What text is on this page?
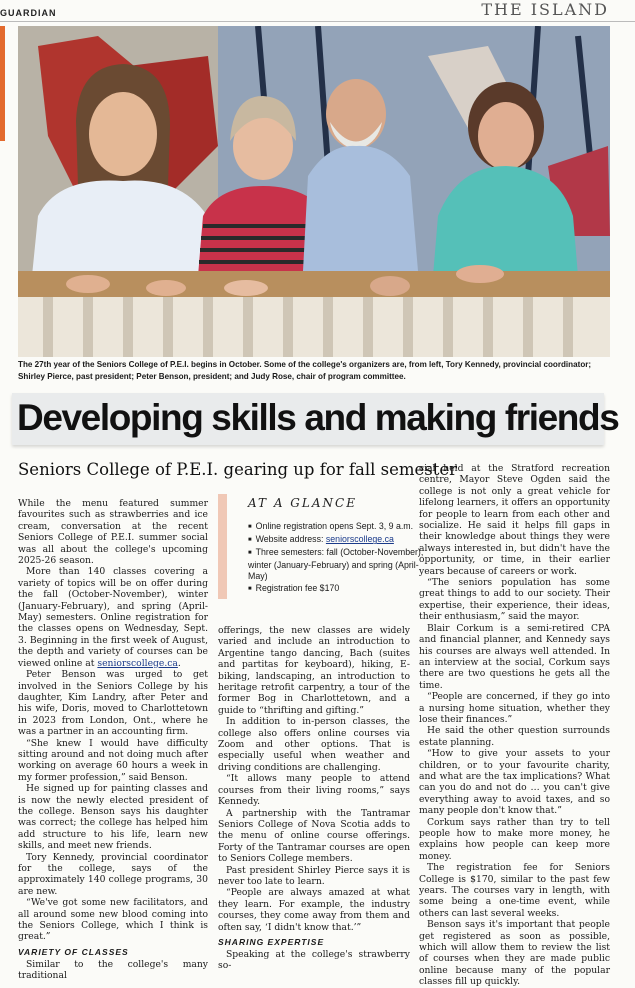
GUARDIAN	THE ISLAND

The 27th year of the Seniors College of P.E.I. begins in October. Some of the college's organizers are, from left, Tory Kennedy, provincial coordinator; Shirley Pierce, past president; Peter Benson, president; and Judy Rose, chair of program committee.

Developing skills and making friends
Seniors College of P.E.I. gearing up for fall semester

While the menu featured summer favourites such as strawberries and ice cream, conversation at the recent Seniors College of P.E.I. summer social was all about the college's upcoming 2025-26 season.

More than 140 classes covering a variety of topics will be on offer during the fall (October-November), winter (January-February), and spring (April-May) semesters. Online registration for the classes opens on Wednesday, Sept. 3. Beginning in the first week of August, the depth and variety of courses can be viewed online at seniorscollege.ca.

Peter Benson was urged to get involved in the Seniors College by his daughter, Kim Landry, after Peter and his wife, Doris, moved to Charlottetown in 2023 from London, Ont., where he was a partner in an accounting firm.

“She knew I would have difficulty sitting around and not doing much after working on average 60 hours a week in my former profession,” said Benson.

He signed up for painting classes and is now the newly elected president of the college. Benson says his daughter was correct; the college has helped him add structure to his life, learn new skills, and meet new friends.

Tory Kennedy, provincial coordinator for the college, says of the approximately 140 college programs, 30 are new.

“We've got some new facilitators, and all around some new blood coming into the Seniors College, which I think is great.”

VARIETY OF CLASSES

Similar to the college's many traditional

AT A GLANCE
■ Online registration opens Sept. 3, 9 a.m.
■ Website address: seniorscollege.ca
■ Three semesters: fall (October-November), winter (January-February) and spring (April-May)
■ Registration fee $170

offerings, the new classes are widely varied and include an introduction to Argentine tango dancing, Bach (suites and partitas for keyboard), hiking, E-biking, landscaping, an introduction to heritage retrofit carpentry, a tour of the former Bog in Charlottetown, and a guide to “thrifting and gifting.”

In addition to in-person classes, the college also offers online courses via Zoom and other options. That is especially useful when weather and driving conditions are challenging.

“It allows many people to attend courses from their living rooms,” says Kennedy.

A partnership with the Tantramar Seniors College of Nova Scotia adds to the menu of online course offerings. Forty of the Tantramar courses are open to Seniors College members.

Past president Shirley Pierce says it is never too late to learn.

“People are always amazed at what they learn. For example, the industry courses, they come away from them and often say, ‘I didn't know that.’”

SHARING EXPERTISE

Speaking at the college's strawberry so-

cial held at the Stratford recreation centre, Mayor Steve Ogden said the college is not only a great vehicle for lifelong learners, it offers an opportunity for people to learn from each other and socialize. He said it helps fill gaps in their knowledge about things they were always interested in, but didn't have the opportunity, or time, in their earlier years because of careers or work.

“The seniors population has some great things to add to our society. Their expertise, their experience, their ideas, their enthusiasm,” said the mayor.

Blair Corkum is a semi-retired CPA and financial planner, and Kennedy says his courses are always well attended. In an interview at the social, Corkum says there are two questions he gets all the time.

“People are concerned, if they go into a nursing home situation, whether they lose their finances.”

He said the other question surrounds estate planning.

“How to give your assets to your children, or to your favourite charity, and what are the tax implications? What can you do and not do … you can't give everything away to avoid taxes, and so many people don't know that.”

Corkum says rather than try to tell people how to make more money, he explains how people can keep more money.

The registration fee for Seniors College is $170, similar to the past few years. The courses vary in length, with some being a one-time event, while others can last several weeks.

Benson says it's important that people get registered as soon as possible, which will allow them to review the list of courses when they are made public online because many of the popular classes fill up quickly.
